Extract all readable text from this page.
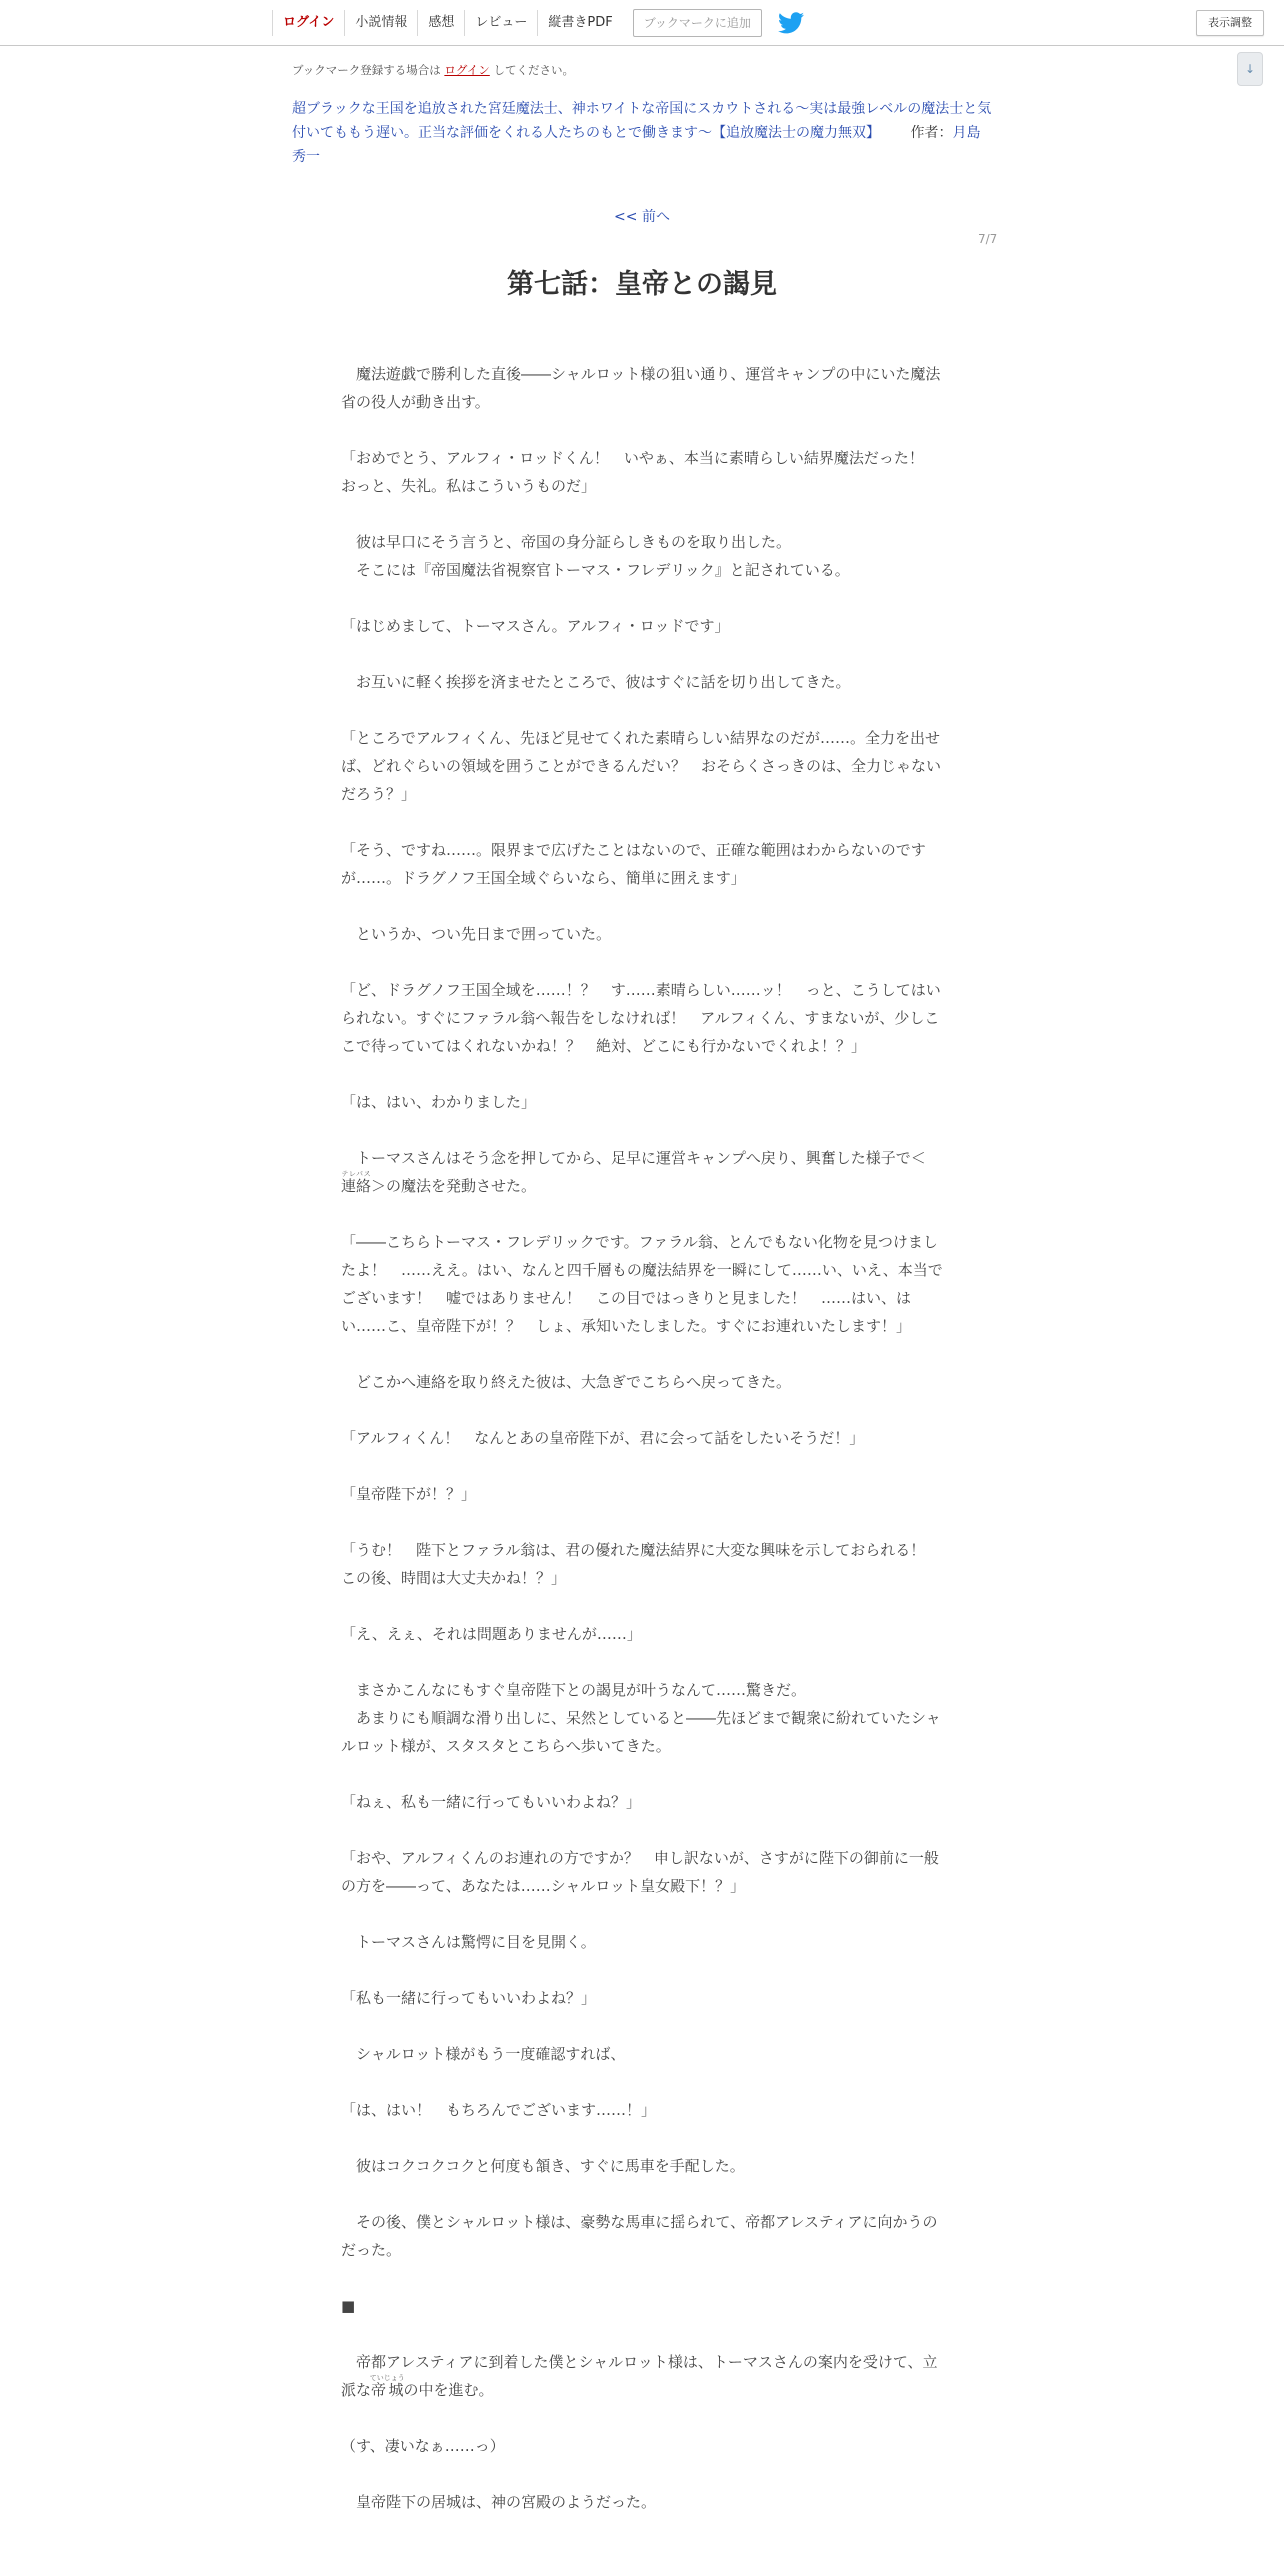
ログイン	小説情報	感想	レビュー	縦書きPDF	ブックマークに追加	表示調整
↓
ブックマーク登録する場合は ログイン してください。
超ブラックな王国を追放された宮廷魔法士、神ホワイトな帝国にスカウトされる～実は最強レベルの魔法士と気付いてももう遅い。正当な評価をくれる人たちのもとで働きます～【追放魔法士の魔力無双】 作者：月島 秀一
<< 前へ
7/7
第七話：皇帝との謁見

　魔法遊戯で勝利した直後――シャルロット様の狙い通り、運営キャンプの中にいた魔法省の役人が動き出す。

「おめでとう、アルフィ・ロッドくん！　いやぁ、本当に素晴らしい結界魔法だった！　おっと、失礼。私はこういうものだ」

　彼は早口にそう言うと、帝国の身分証らしきものを取り出した。
　そこには『帝国魔法省視察官トーマス・フレデリック』と記されている。

「はじめまして、トーマスさん。アルフィ・ロッドです」

　お互いに軽く挨拶を済ませたところで、彼はすぐに話を切り出してきた。

「ところでアルフィくん、先ほど見せてくれた素晴らしい結界なのだが……。全力を出せば、どれぐらいの領域を囲うことができるんだい？　おそらくさっきのは、全力じゃないだろう？」

「そう、ですね……。限界まで広げたことはないので、正確な範囲はわからないのですが……。ドラグノフ王国全域ぐらいなら、簡単に囲えます」

　というか、つい先日まで囲っていた。

「ど、ドラグノフ王国全域を……！？　す……素晴らしい……ッ！　っと、こうしてはいられない。すぐにファラル翁へ報告をしなければ！　アルフィくん、すまないが、少しここで待っていてはくれないかね！？　絶対、どこにも行かないでくれよ！？」

「は、はい、わかりました」

　トーマスさんはそう念を押してから、足早に運営キャンプへ戻り、興奮した様子で＜連絡テレパス＞の魔法を発動させた。

「――こちらトーマス・フレデリックです。ファラル翁、とんでもない化物を見つけましたよ！　……ええ。はい、なんと四千層もの魔法結界を一瞬にして……い、いえ、本当でございます！　嘘ではありません！　この目ではっきりと見ました！　……はい、はい……こ、皇帝陛下が！？　しょ、承知いたしました。すぐにお連れいたします！」

　どこかへ連絡を取り終えた彼は、大急ぎでこちらへ戻ってきた。

「アルフィくん！　なんとあの皇帝陛下が、君に会って話をしたいそうだ！」

「皇帝陛下が！？」

「うむ！　陛下とファラル翁は、君の優れた魔法結界に大変な興味を示しておられる！　この後、時間は大丈夫かね！？」

「え、えぇ、それは問題ありませんが……」

　まさかこんなにもすぐ皇帝陛下との謁見が叶うなんて……驚きだ。
　あまりにも順調な滑り出しに、呆然としていると――先ほどまで観衆に紛れていたシャルロット様が、スタスタとこちらへ歩いてきた。

「ねぇ、私も一緒に行ってもいいわよね？」

「おや、アルフィくんのお連れの方ですか？　申し訳ないが、さすがに陛下の御前に一般の方を――って、あなたは……シャルロット皇女殿下！？」

　トーマスさんは驚愕に目を見開く。

「私も一緒に行ってもいいわよね？」

　シャルロット様がもう一度確認すれば、

「は、はい！　もちろんでございます……！」

　彼はコクコクコクと何度も頷き、すぐに馬車を手配した。

　その後、僕とシャルロット様は、豪勢な馬車に揺られて、帝都アレスティアに向かうのだった。

■

　帝都アレスティアに到着した僕とシャルロット様は、トーマスさんの案内を受けて、立派な帝城ていじょうの中を進む。

（す、凄いなぁ……っ）

　皇帝陛下の居城は、神の宮殿のようだった。
